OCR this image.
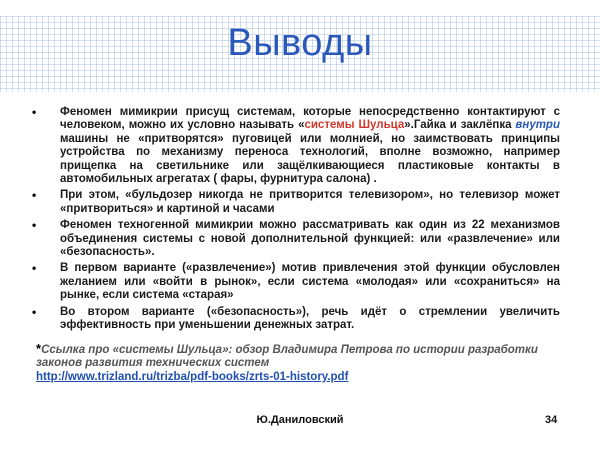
Выводы
• Феномен мимикрии присущ системам, которые непосредственно контактируют с человеком, можно их условно называть «системы Шульца».Гайка и заклёпка внутри машины не «притворятся» пуговицей или молнией, но заимствовать принципы устройства по механизму переноса технологий, вполне возможно, например прищепка на светильнике или защёлкивающиеся пластиковые контакты в автомобильных агрегатах ( фары, фурнитура салона) .
• При этом, «бульдозер никогда не притворится телевизором», но телевизор может «притвориться» и картиной и часами
• Феномен техногенной мимикрии можно рассматривать как один из 22 механизмов объединения системы с новой дополнительной функцией: или «развлечение» или «безопасность».
• В первом варианте («развлечение») мотив привлечения этой функции обусловлен желанием или «войти в рынок», если система «молодая» или «сохраниться» на рынке, если система «старая»
• Во втором варианте («безопасность»), речь идёт о стремлении увеличить эффективность при уменьшении денежных затрат.
*Ссылка про «системы Шульца»: обзор Владимира Петрова по истории разработки законов развития технических систем
http://www.trizland.ru/trizba/pdf-books/zrts-01-history.pdf
Ю.Даниловский	34
